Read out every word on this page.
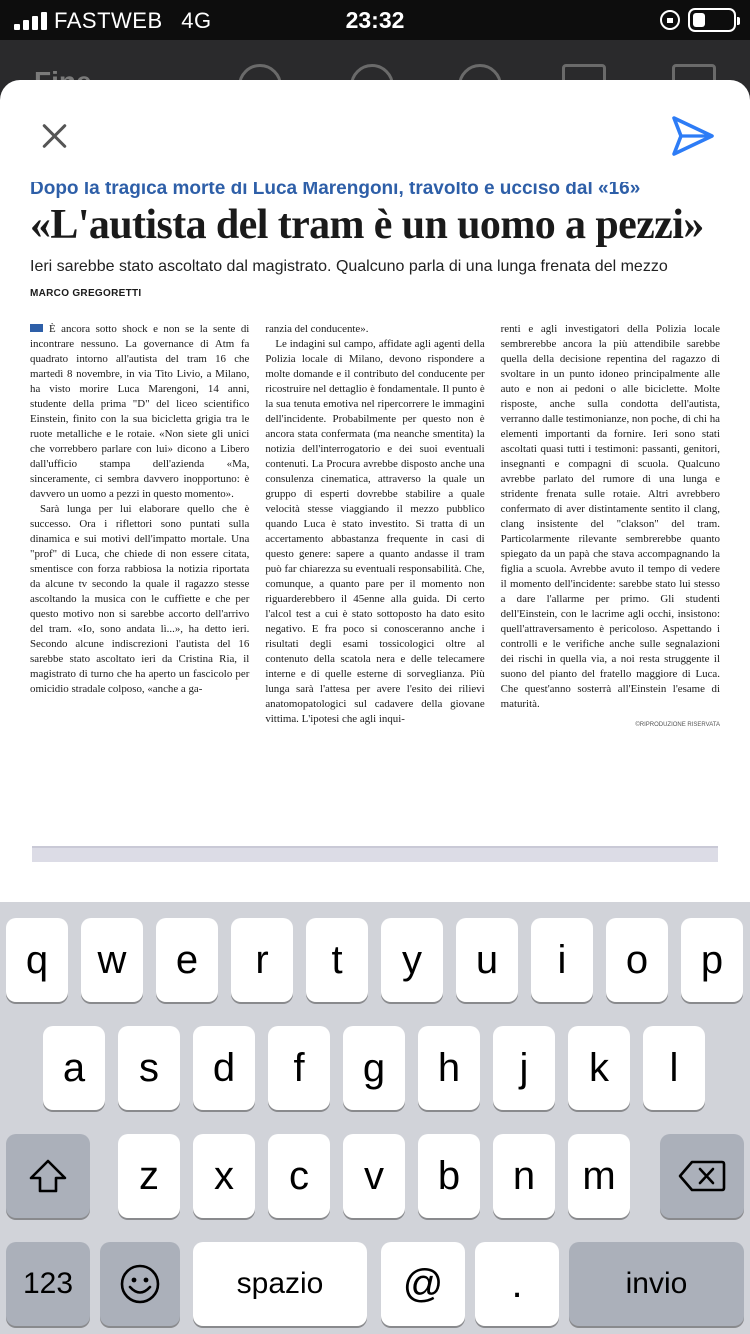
FASTWEB 4G	23:32
Dopo la tragica morte di Luca Marengoni, travolto e ucciso dal «16»
«L'autista del tram è un uomo a pezzi»
Ieri sarebbe stato ascoltato dal magistrato. Qualcuno parla di una lunga frenata del mezzo
MARCO GREGORETTI

È ancora sotto shock e non se la sente di incontrare nessuno. La governance di Atm fa quadrato intorno all'autista del tram 16 che martedì 8 novembre, in via Tito Livio, a Milano, ha visto morire Luca Marengoni, 14 anni, studente della prima "D" del liceo scientifico Einstein, finito con la sua bicicletta grigia tra le ruote metalliche e le rotaie. «Non siete gli unici che vorrebbero parlare con lui» dicono a Libero dall'ufficio stampa dell'azienda «Ma, sinceramente, ci sembra davvero inopportuno: è davvero un uomo a pezzi in questo momento».

Sarà lunga per lui elaborare quello che è successo. Ora i riflettori sono puntati sulla dinamica e sui motivi dell'impatto mortale. Una "prof" di Luca, che chiede di non essere citata, smentisce con forza rabbiosa la notizia riportata da alcune tv secondo la quale il ragazzo stesse ascoltando la musica con le cuffiette e che per questo motivo non si sarebbe accorto dell'arrivo del tram. «Io, sono andata lì...», ha detto ieri. Secondo alcune indiscrezioni l'autista del 16 sarebbe stato ascoltato ieri da Cristina Ria, il magistrato di turno che ha aperto un fascicolo per omicidio stradale colposo, «anche a ga-

ranzia del conducente».

Le indagini sul campo, affidate agli agenti della Polizia locale di Milano, devono rispondere a molte domande e il contributo del conducente per ricostruire nel dettaglio è fondamentale. Il punto è la sua tenuta emotiva nel ripercorrere le immagini dell'incidente. Probabilmente per questo non è ancora stata confermata (ma neanche smentita) la notizia dell'interrogatorio e dei suoi eventuali contenuti. La Procura avrebbe disposto anche una consulenza cinematica, attraverso la quale un gruppo di esperti dovrebbe stabilire a quale velocità stesse viaggiando il mezzo pubblico quando Luca è stato investito. Si tratta di un accertamento abbastanza frequente in casi di questo genere: sapere a quanto andasse il tram può far chiarezza su eventuali responsabilità. Che, comunque, a quanto pare per il momento non riguarderebbero il 45enne alla guida. Di certo l'alcol test a cui è stato sottoposto ha dato esito negativo. E fra poco si conosceranno anche i risultati degli esami tossicologici oltre al contenuto della scatola nera e delle telecamere interne e di quelle esterne di sorveglianza. Più lunga sarà l'attesa per avere l'esito dei rilievi anatomopatologici sul cadavere della giovane vittima. L'ipotesi che agli inqui-

renti e agli investigatori della Polizia locale sembrerebbe ancora la più attendibile sarebbe quella della decisione repentina del ragazzo di svoltare in un punto idoneo principalmente alle auto e non ai pedoni o alle biciclette. Molte risposte, anche sulla condotta dell'autista, verranno dalle testimonianze, non poche, di chi ha elementi importanti da fornire. Ieri sono stati ascoltati quasi tutti i testimoni: passanti, genitori, insegnanti e compagni di scuola. Qualcuno avrebbe parlato del rumore di una lunga e stridente frenata sulle rotaie. Altri avrebbero confermato di aver distintamente sentito il clang, clang insistente del "clakson" del tram. Particolarmente rilevante sembrerebbe quanto spiegato da un papà che stava accompagnando la figlia a scuola. Avrebbe avuto il tempo di vedere il momento dell'incidente: sarebbe stato lui stesso a dare l'allarme per primo. Gli studenti dell'Einstein, con le lacrime agli occhi, insistono: quell'attraversamento è pericoloso. Aspettando i controlli e le verifiche anche sulle segnalazioni dei rischi in quella via, a noi resta struggente il suono del pianto del fratello maggiore di Luca. Che quest'anno sosterrà all'Einstein l'esame di maturità.

©RIPRODUZIONE RISERVATA
q	w	e	r	t	y	u	i	o	p
a	s	d	f	g	h	j	k	l
z	x	c	v	b	n	m
123	spazio	@	.	invio
